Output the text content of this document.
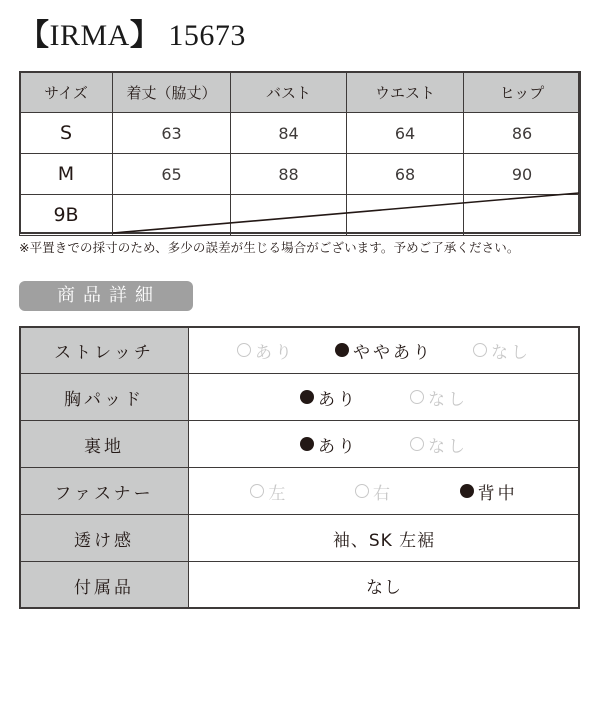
【IRMA】 15673
サイズ	着丈（脇丈）	バスト	ウエスト	ヒップ
S	63	84	64	86
M	65	88	68	90
9B				
※平置きでの採寸のため、多少の誤差が生じる場合がございます。予めご了承ください。
商品詳細
ストレッチ	あり ややあり なし

胸パッド	あり なし

裏地	あり なし

ファスナー	左 右 背中

透け感	袖、SK 左裾
付属品	なし
